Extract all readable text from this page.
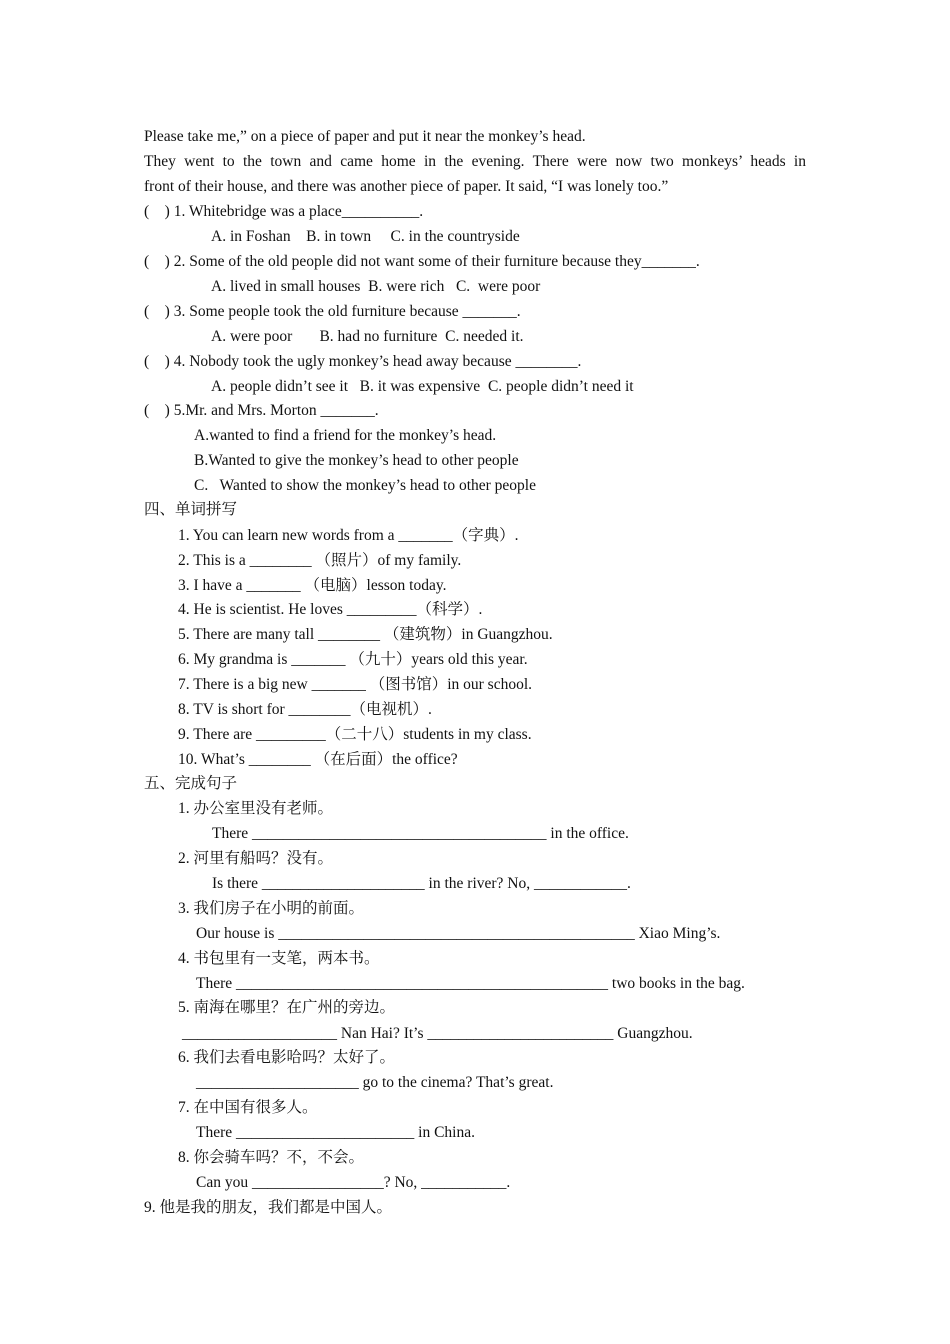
Please take me,” on a piece of paper and put it near the monkey’s head.
They went to the town and came home in the evening. There were now two monkeys’ heads in
front of their house, and there was another piece of paper. It said, “I was lonely too.”
(    ) 1. Whitebridge was a place__________.
A. in Foshan    B. in town     C. in the countryside
(    ) 2. Some of the old people did not want some of their furniture because they_______.
A. lived in small houses  B. were rich   C.  were poor
(    ) 3. Some people took the old furniture because _______.
A. were poor       B. had no furniture  C. needed it.
(    ) 4. Nobody took the ugly monkey’s head away because ________.
A. people didn’t see it   B. it was expensive  C. people didn’t need it
(    ) 5.Mr. and Mrs. Morton _______.
A.wanted to find a friend for the monkey’s head.
B.Wanted to give the monkey’s head to other people
C.   Wanted to show the monkey’s head to other people
四、单词拼写
1. You can learn new words from a _______（字典）.
2. This is a ________ （照片）of my family.
3. I have a _______ （电脑）lesson today.
4. He is scientist. He loves _________（科学）.
5. There are many tall ________ （建筑物）in Guangzhou.
6. My grandma is _______ （九十）years old this year.
7. There is a big new _______ （图书馆）in our school.
8. TV is short for ________（电视机）.
9. There are _________（二十八）students in my class.
10. What’s ________ （在后面）the office?
五、完成句子
1. 办公室里没有老师。
There ______________________________________ in the office.
2. 河里有船吗？没有。
Is there _____________________ in the river? No, ____________.
3. 我们房子在小明的前面。
Our house is ______________________________________________ Xiao Ming’s.
4. 书包里有一支笔，两本书。
There ________________________________________________ two books in the bag.
5. 南海在哪里？在广州的旁边。
____________________ Nan Hai? It’s ________________________ Guangzhou.
6. 我们去看电影哈吗？太好了。
_____________________ go to the cinema? That’s great.
7. 在中国有很多人。
There _______________________ in China.
8. 你会骑车吗？不，不会。
Can you _________________? No, ___________.
9. 他是我的朋友，我们都是中国人。
